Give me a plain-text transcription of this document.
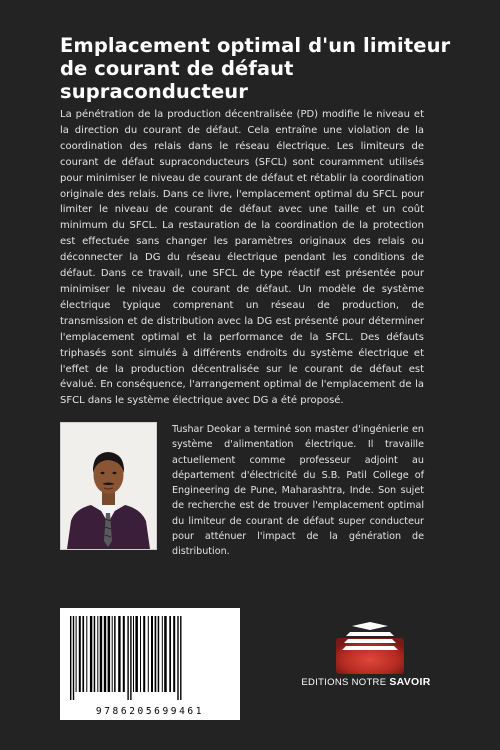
Emplacement optimal d'un limiteur de courant de défaut supraconducteur

La pénétration de la production décentralisée (PD) modifie le niveau et la direction du courant de défaut. Cela entraîne une violation de la coordination des relais dans le réseau électrique. Les limiteurs de courant de défaut supraconducteurs (SFCL) sont couramment utilisés pour minimiser le niveau de courant de défaut et rétablir la coordination originale des relais. Dans ce livre, l'emplacement optimal du SFCL pour limiter le niveau de courant de défaut avec une taille et un coût minimum du SFCL. La restauration de la coordination de la protection est effectuée sans changer les paramètres originaux des relais ou déconnecter la DG du réseau électrique pendant les conditions de défaut. Dans ce travail, une SFCL de type réactif est présentée pour minimiser le niveau de courant de défaut. Un modèle de système électrique typique comprenant un réseau de production, de transmission et de distribution avec la DG est présenté pour déterminer l'emplacement optimal et la performance de la SFCL. Des défauts triphasés sont simulés à différents endroits du système électrique et l'effet de la production décentralisée sur le courant de défaut est évalué. En conséquence, l'arrangement optimal de l'emplacement de la SFCL dans le système électrique avec DG a été proposé.

Tushar Deokar a terminé son master d'ingénierie en système d'alimentation électrique. Il travaille actuellement comme professeur adjoint au département d'électricité du S.B. Patil College of Engineering de Pune, Maharashtra, Inde. Son sujet de recherche est de trouver l'emplacement optimal du limiteur de courant de défaut super conducteur pour atténuer l'impact de la génération de distribution.

9786205699461
EDITIONS NOTRE SAVOIR
